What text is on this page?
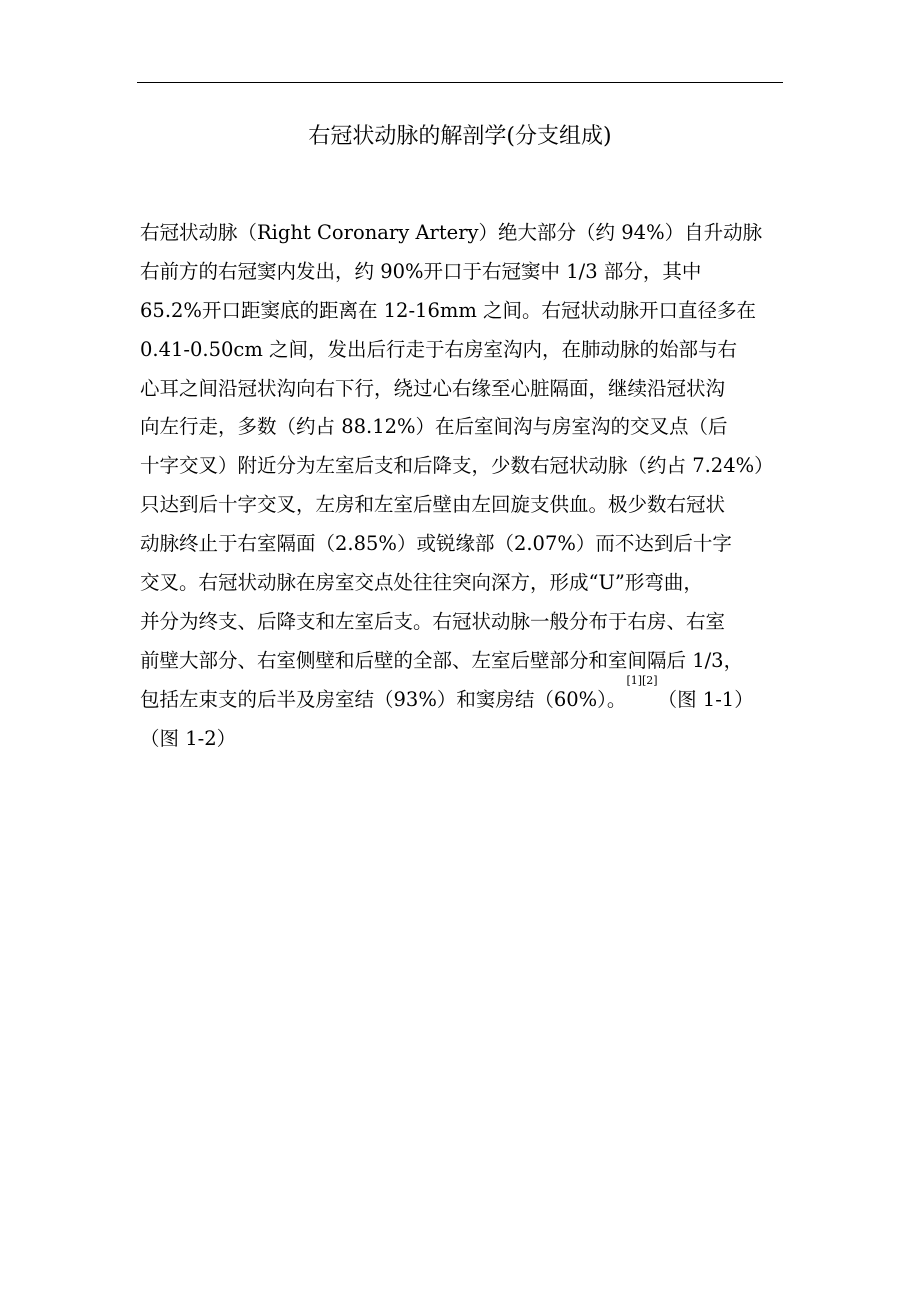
右冠状动脉的解剖学(分支组成)
右冠状动脉（Right Coronary Artery）绝大部分（约 94%）自升动脉
右前方的右冠窦内发出，约 90%开口于右冠窦中 1/3 部分，其中
65.2%开口距窦底的距离在 12-16mm 之间。右冠状动脉开口直径多在
0.41-0.50cm 之间，发出后行走于右房室沟内，在肺动脉的始部与右
心耳之间沿冠状沟向右下行，绕过心右缘至心脏隔面，继续沿冠状沟
向左行走，多数（约占 88.12%）在后室间沟与房室沟的交叉点（后
十字交叉）附近分为左室后支和后降支，少数右冠状动脉（约占 7.24%）
只达到后十字交叉，左房和左室后壁由左回旋支供血。极少数右冠状
动脉终止于右室隔面（2.85%）或锐缘部（2.07%）而不达到后十字
交叉。右冠状动脉在房室交点处往往突向深方，形成“U”形弯曲，
并分为终支、后降支和左室后支。右冠状动脉一般分布于右房、右室
前壁大部分、右室侧壁和后壁的全部、左室后壁部分和室间隔后 1/3，
包括左束支的后半及房室结（93%）和窦房结（60%）。
[1][2]
（图 1-1）
（图 1-2）
